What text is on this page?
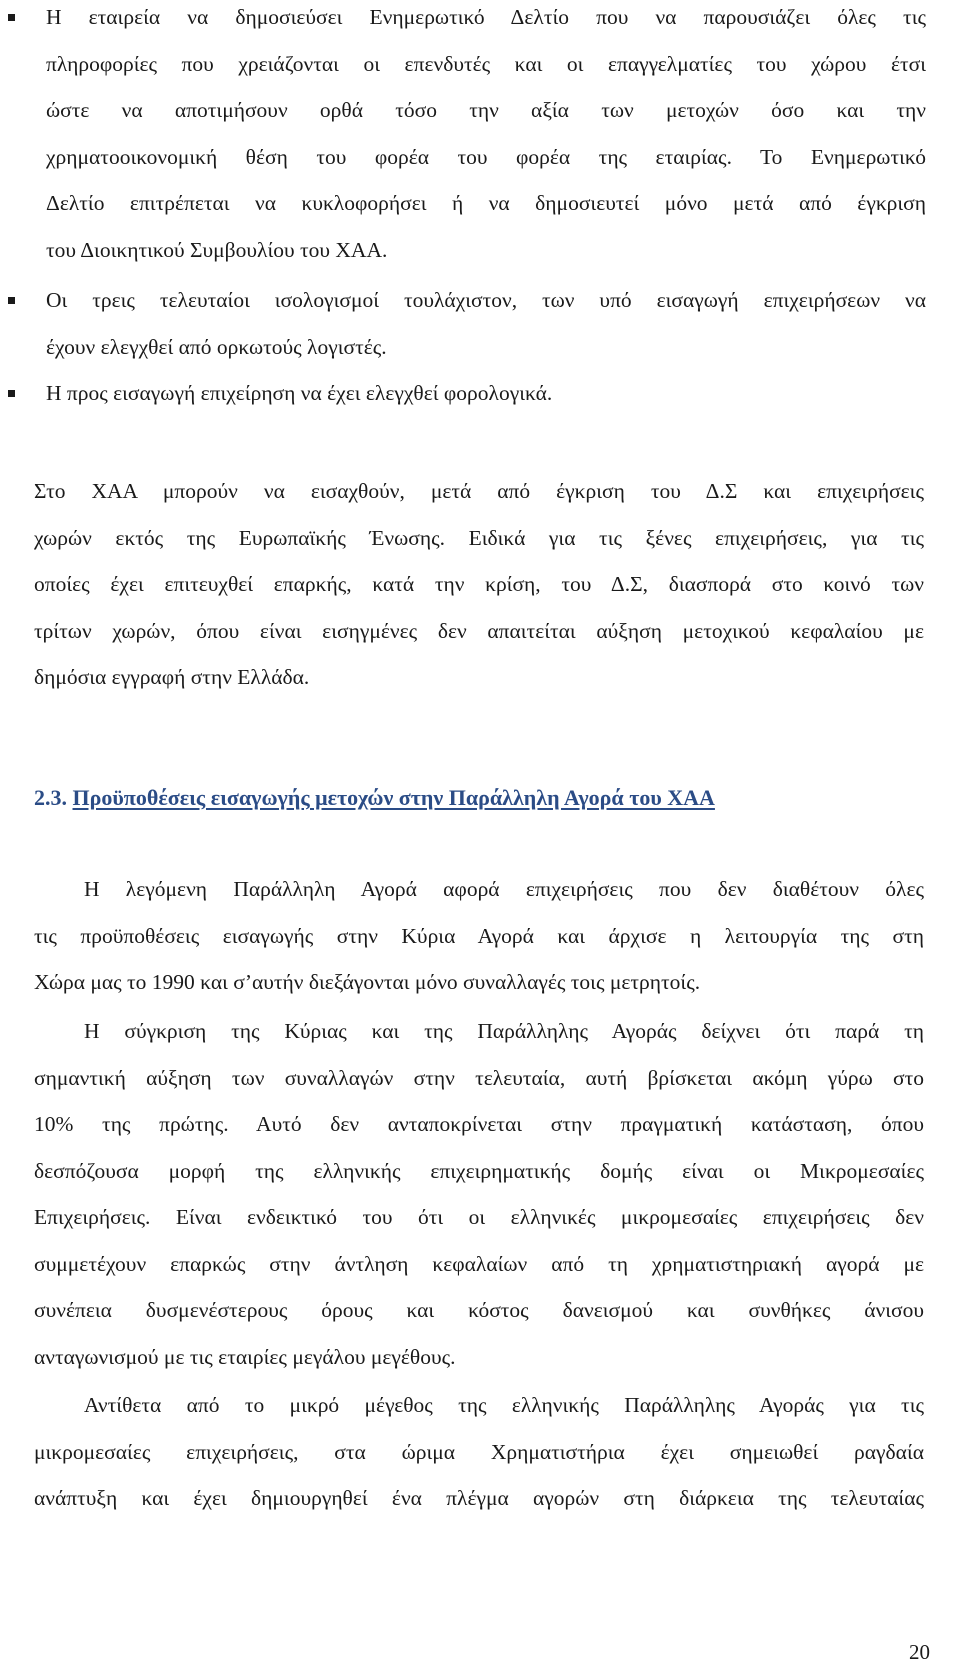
Η εταιρεία να δημοσιεύσει Ενημερωτικό Δελτίο που να παρουσιάζει όλες τις
πληροφορίες που χρειάζονται οι επενδυτές και οι επαγγελματίες του χώρου έτσι
ώστε να αποτιμήσουν ορθά τόσο την αξία των μετοχών όσο και την
χρηματοοικονομική θέση του φορέα του φορέα της εταιρίας. Το Ενημερωτικό
Δελτίο επιτρέπεται να κυκλοφορήσει ή να δημοσιευτεί μόνο μετά από έγκριση
του Διοικητικού Συμβουλίου του ΧΑΑ.
Οι τρεις τελευταίοι ισολογισμοί τουλάχιστον, των υπό εισαγωγή επιχειρήσεων να
έχουν ελεγχθεί από ορκωτούς λογιστές.
Η προς εισαγωγή επιχείρηση να έχει ελεγχθεί φορολογικά.
Στο ΧΑΑ μπορούν να εισαχθούν, μετά από έγκριση του Δ.Σ και επιχειρήσεις
χωρών εκτός της Ευρωπαϊκής Ένωσης. Ειδικά για τις ξένες επιχειρήσεις, για τις
οποίες έχει επιτευχθεί επαρκής, κατά την κρίση, του Δ.Σ, διασπορά στο κοινό των
τρίτων χωρών, όπου είναι εισηγμένες δεν απαιτείται αύξηση μετοχικού κεφαλαίου με
δημόσια εγγραφή στην Ελλάδα.
2.3. Προϋποθέσεις εισαγωγής μετοχών στην Παράλληλη Αγορά του ΧΑΑ
Η λεγόμενη Παράλληλη Αγορά αφορά επιχειρήσεις που δεν διαθέτουν όλες
τις προϋποθέσεις εισαγωγής στην Κύρια Αγορά και άρχισε η λειτουργία της στη
Χώρα μας το 1990 και σ’αυτήν διεξάγονται μόνο συναλλαγές τοις μετρητοίς.
Η σύγκριση της Κύριας και της Παράλληλης Αγοράς δείχνει ότι παρά τη
σημαντική αύξηση των συναλλαγών στην τελευταία, αυτή βρίσκεται ακόμη γύρω στο
10% της πρώτης. Αυτό δεν ανταποκρίνεται στην πραγματική κατάσταση, όπου
δεσπόζουσα μορφή της ελληνικής επιχειρηματικής δομής είναι οι Μικρομεσαίες
Επιχειρήσεις. Είναι ενδεικτικό του ότι οι ελληνικές μικρομεσαίες επιχειρήσεις δεν
συμμετέχουν επαρκώς στην άντληση κεφαλαίων από τη χρηματιστηριακή αγορά με
συνέπεια δυσμενέστερους όρους και κόστος δανεισμού και συνθήκες άνισου
ανταγωνισμού με τις εταιρίες μεγάλου μεγέθους.
Αντίθετα από το μικρό μέγεθος της ελληνικής Παράλληλης Αγοράς για τις
μικρομεσαίες επιχειρήσεις, στα ώριμα Χρηματιστήρια έχει σημειωθεί ραγδαία
ανάπτυξη και έχει δημιουργηθεί ένα πλέγμα αγορών στη διάρκεια της τελευταίας
20
